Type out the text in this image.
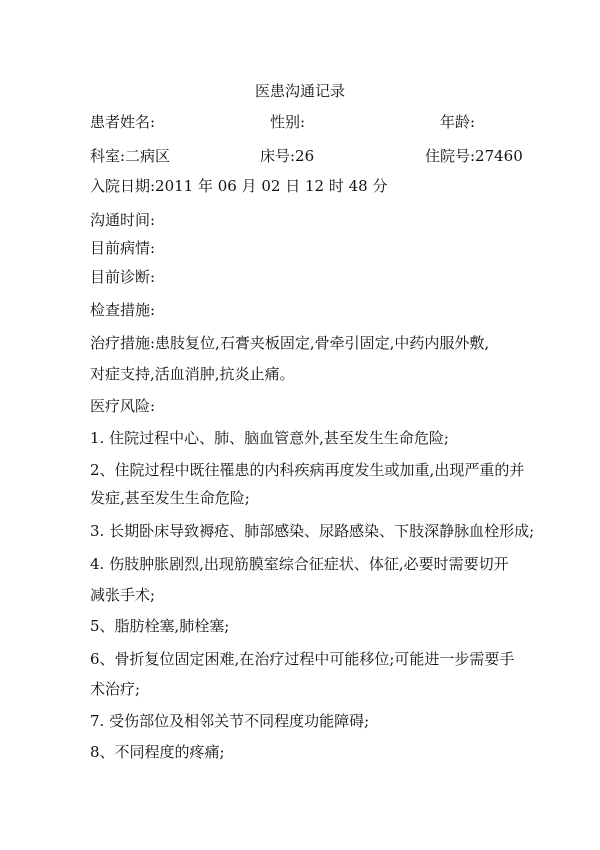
医患沟通记录
患者姓名:	性别:	年龄:
科室:二病区	床号:26	住院号:27460
入院日期:2011 年 06 月 02 日 12 时 48 分
沟通时间:
目前病情:
目前诊断:
检查措施:
治疗措施:患肢复位,石膏夹板固定,骨牵引固定,中药内服外敷,
对症支持,活血消肿,抗炎止痛。
医疗风险:
1. 住院过程中心、肺、脑血管意外,甚至发生生命危险;
2、住院过程中既往罹患的内科疾病再度发生或加重,出现严重的并
发症,甚至发生生命危险;
3. 长期卧床导致褥疮、肺部感染、尿路感染、下肢深静脉血栓形成;
4. 伤肢肿胀剧烈,出现筋膜室综合征症状、体征,必要时需要切开
减张手术;
5、脂肪栓塞,肺栓塞;
6、骨折复位固定困难,在治疗过程中可能移位;可能进一步需要手
术治疗;
7. 受伤部位及相邻关节不同程度功能障碍;
8、不同程度的疼痛;
